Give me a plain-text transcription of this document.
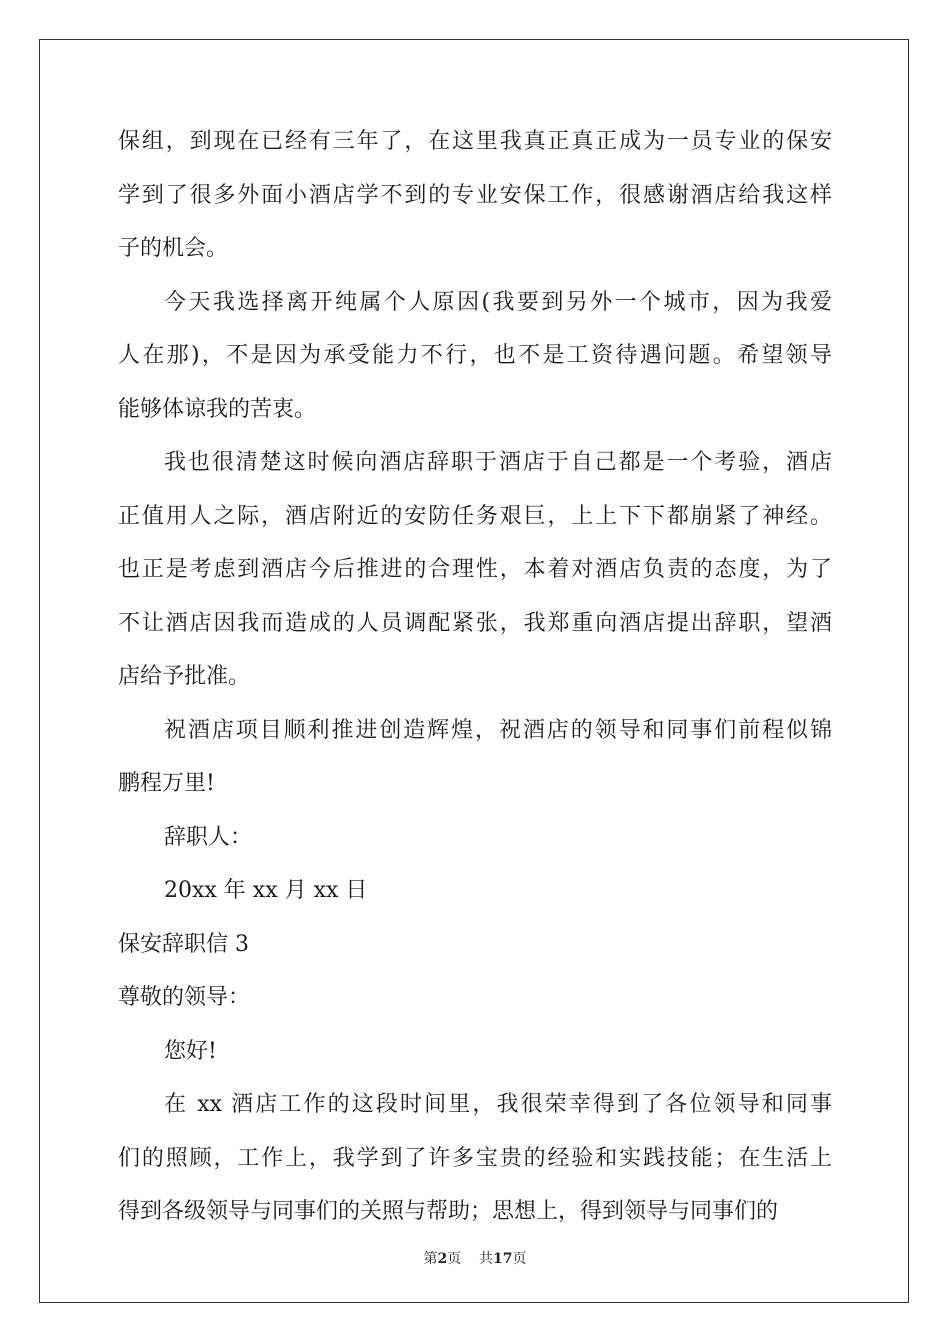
保组，到现在已经有三年了，在这里我真正真正成为一员专业的保安
学到了很多外面小酒店学不到的专业安保工作，很感谢酒店给我这样
子的机会。
今天我选择离开纯属个人原因(我要到另外一个城市，因为我爱
人在那)，不是因为承受能力不行，也不是工资待遇问题。希望领导
能够体谅我的苦衷。
我也很清楚这时候向酒店辞职于酒店于自己都是一个考验，酒店
正值用人之际，酒店附近的安防任务艰巨，上上下下都崩紧了神经。
也正是考虑到酒店今后推进的合理性，本着对酒店负责的态度，为了
不让酒店因我而造成的人员调配紧张，我郑重向酒店提出辞职，望酒
店给予批准。
祝酒店项目顺利推进创造辉煌，祝酒店的领导和同事们前程似锦
鹏程万里!
辞职人：
20xx 年 xx 月 xx 日
保安辞职信 3
尊敬的领导：
您好!
在 xx 酒店工作的这段时间里，我很荣幸得到了各位领导和同事
们的照顾，工作上，我学到了许多宝贵的经验和实践技能；在生活上
得到各级领导与同事们的关照与帮助；思想上，得到领导与同事们的
第2页 共17页
